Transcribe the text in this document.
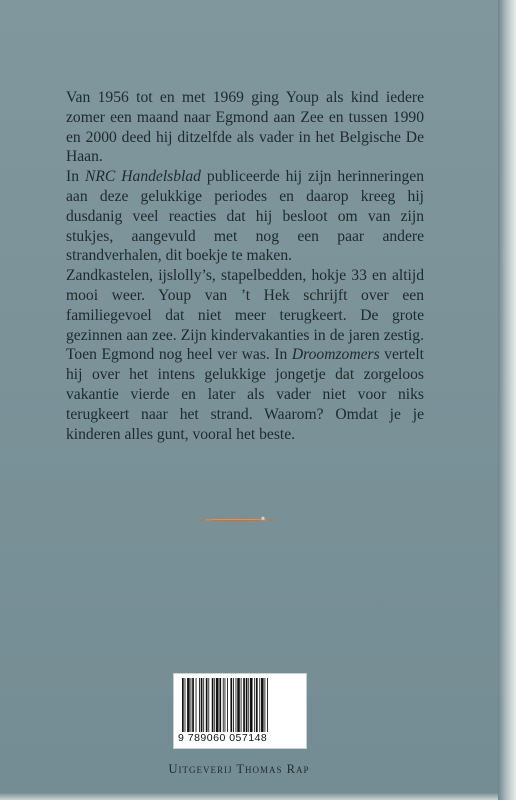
Van 1956 tot en met 1969 ging Youp als kind iedere zomer een maand naar Egmond aan Zee en tussen 1990 en 2000 deed hij ditzelfde als vader in het Belgische De Haan.

In NRC Handelsblad publiceerde hij zijn herinneringen aan deze gelukkige periodes en daarop kreeg hij dusdanig veel reacties dat hij besloot om van zijn stukjes, aangevuld met nog een paar andere strandverhalen, dit boekje te maken.

Zandkastelen, ijslolly’s, stapelbedden, hokje 33 en altijd mooi weer. Youp van ’t Hek schrijft over een familiegevoel dat niet meer terugkeert. De grote gezinnen aan zee. Zijn kindervakanties in de jaren zestig. Toen Egmond nog heel ver was. In Droomzomers vertelt hij over het intens gelukkige jongetje dat zorgeloos vakantie vierde en later als vader niet voor niks terugkeert naar het strand. Waarom? Omdat je je kinderen alles gunt, vooral het beste.

9 789060 057148
Uitgeverij Thomas Rap
